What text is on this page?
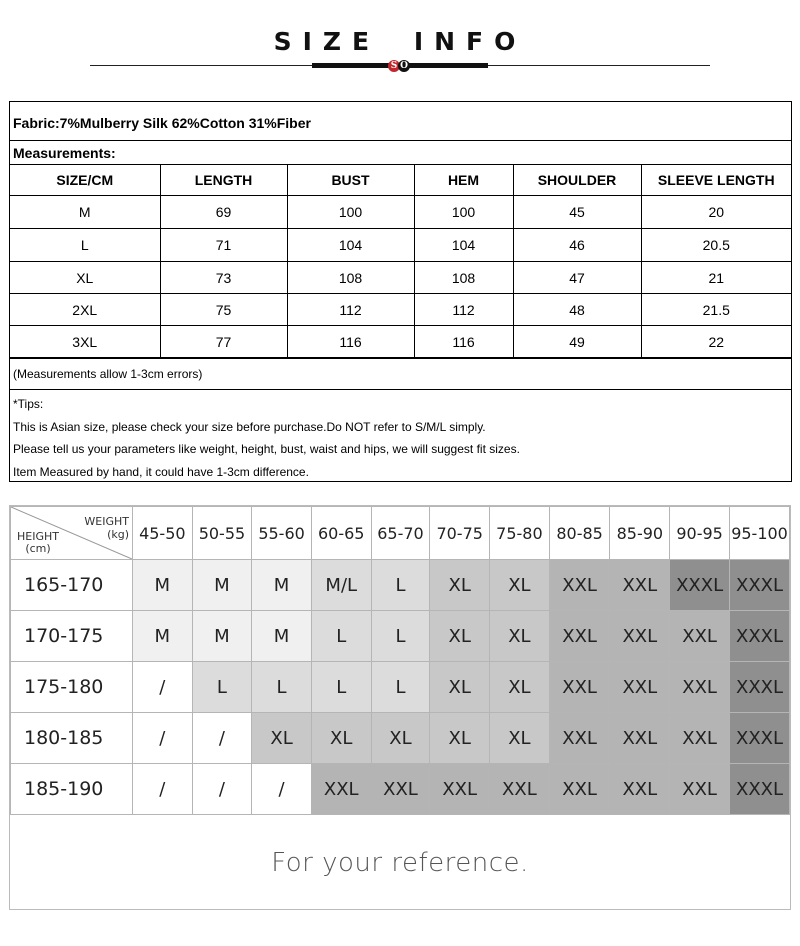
SIZE INFO
S O
Fabric:7%Mulberry Silk 62%Cotton 31%Fiber
Measurements:
SIZE/CM	LENGTH	BUST	HEM	SHOULDER	SLEEVE LENGTH
M	69	100	100	45	20
L	71	104	104	46	20.5
XL	73	108	108	47	21
2XL	75	112	112	48	21.5
3XL	77	116	116	49	22
(Measurements allow 1-3cm errors)
*Tips:
This is Asian size, please check your size before purchase.Do NOT refer to S/M/L simply.
Please tell us your parameters like weight, height, bust, waist and hips, we will suggest fit sizes.
Item Measured by hand, it could have 1-3cm difference.
WEIGHT
(kg)
HEIGHT
(cm)	45-50	50-55	55-60	60-65	65-70	70-75	75-80	80-85	85-90	90-95	95-100
165-170	M	M	M	M/L	L	XL	XL	XXL	XXL	XXXL	XXXL
170-175	M	M	M	L	L	XL	XL	XXL	XXL	XXL	XXXL
175-180	/	L	L	L	L	XL	XL	XXL	XXL	XXL	XXXL
180-185	/	/	XL	XL	XL	XL	XL	XXL	XXL	XXL	XXXL
185-190	/	/	/	XXL	XXL	XXL	XXL	XXL	XXL	XXL	XXXL
For your reference.
